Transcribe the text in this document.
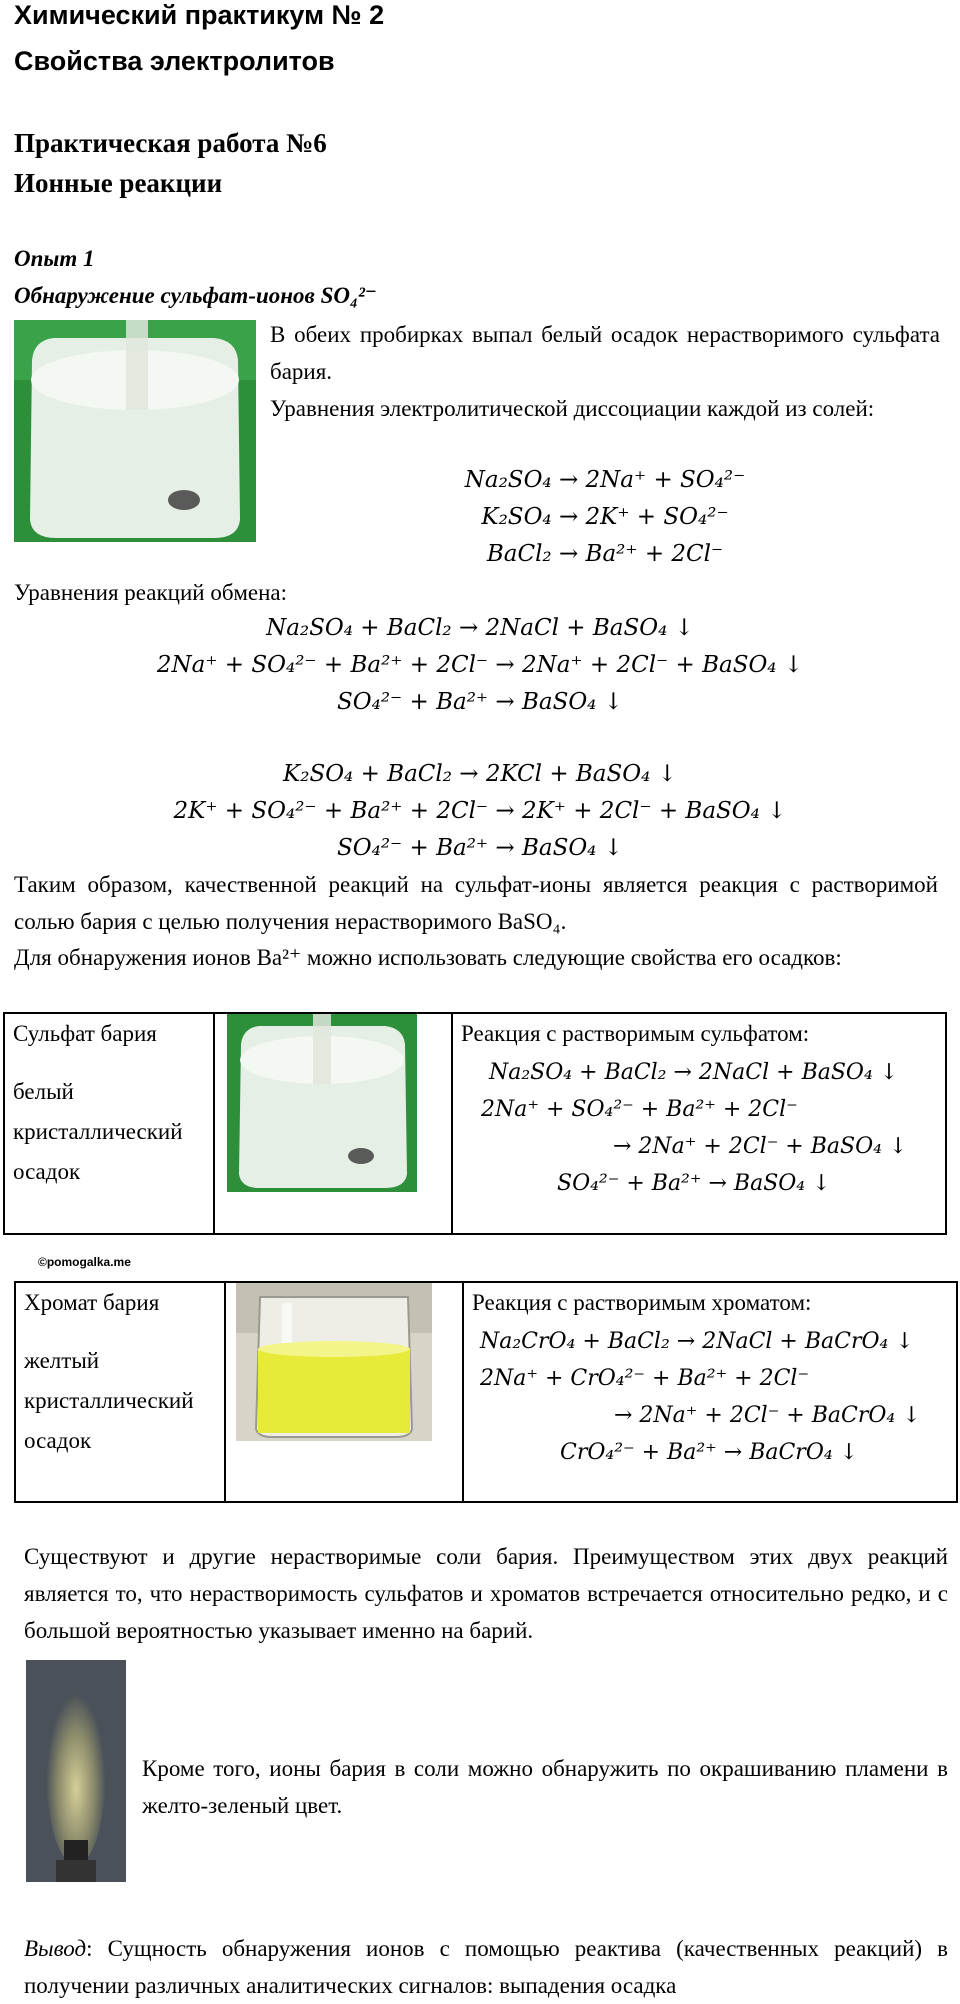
Химический практикум № 2
Свойства электролитов
Практическая работа №6
Ионные реакции
Опыт 1
Обнаружение сульфат-ионов SO₄²⁻
В обеих пробирках выпал белый осадок нерастворимого сульфата бария.
Уравнения электролитической диссоциации каждой из солей:
Na₂SO₄ → 2Na⁺ + SO₄²⁻
K₂SO₄ → 2K⁺ + SO₄²⁻
BaCl₂ → Ba²⁺ + 2Cl⁻
Уравнения реакций обмена:
Na₂SO₄ + BaCl₂ → 2NaCl + BaSO₄ ↓
2Na⁺ + SO₄²⁻ + Ba²⁺ + 2Cl⁻ → 2Na⁺ + 2Cl⁻ + BaSO₄ ↓
SO₄²⁻ + Ba²⁺ → BaSO₄ ↓
K₂SO₄ + BaCl₂ → 2KCl + BaSO₄ ↓
2K⁺ + SO₄²⁻ + Ba²⁺ + 2Cl⁻ → 2K⁺ + 2Cl⁻ + BaSO₄ ↓
SO₄²⁻ + Ba²⁺ → BaSO₄ ↓
Таким образом, качественной реакций на сульфат-ионы является реакция с растворимой солью бария с целью получения нерастворимого BaSO₄.
Для обнаружения ионов Ba²⁺ можно использовать следующие свойства его осадков:
Сульфат бария
белый
кристаллический
осадок

Реакция с растворимым сульфатом:
Na₂SO₄ + BaCl₂ → 2NaCl + BaSO₄ ↓
2Na⁺ + SO₄²⁻ + Ba²⁺ + 2Cl⁻
→ 2Na⁺ + 2Cl⁻ + BaSO₄ ↓
SO₄²⁻ + Ba²⁺ → BaSO₄ ↓
©pomogalka.me
Хромат бария
желтый
кристаллический
осадок

Реакция с растворимым хроматом:
Na₂CrO₄ + BaCl₂ → 2NaCl + BaCrO₄ ↓
2Na⁺ + CrO₄²⁻ + Ba²⁺ + 2Cl⁻
→ 2Na⁺ + 2Cl⁻ + BaCrO₄ ↓
CrO₄²⁻ + Ba²⁺ → BaCrO₄ ↓
Существуют и другие нерастворимые соли бария. Преимуществом этих двух реакций является то, что нерастворимость сульфатов и хроматов встречается относительно редко, и с большой вероятностью указывает именно на барий.
Кроме того, ионы бария в соли можно обнаружить по окрашиванию пламени в желто-зеленый цвет.
Вывод: Сущность обнаружения ионов с помощью реактива (качественных реакций) в получении различных аналитических сигналов: выпадения осадка
